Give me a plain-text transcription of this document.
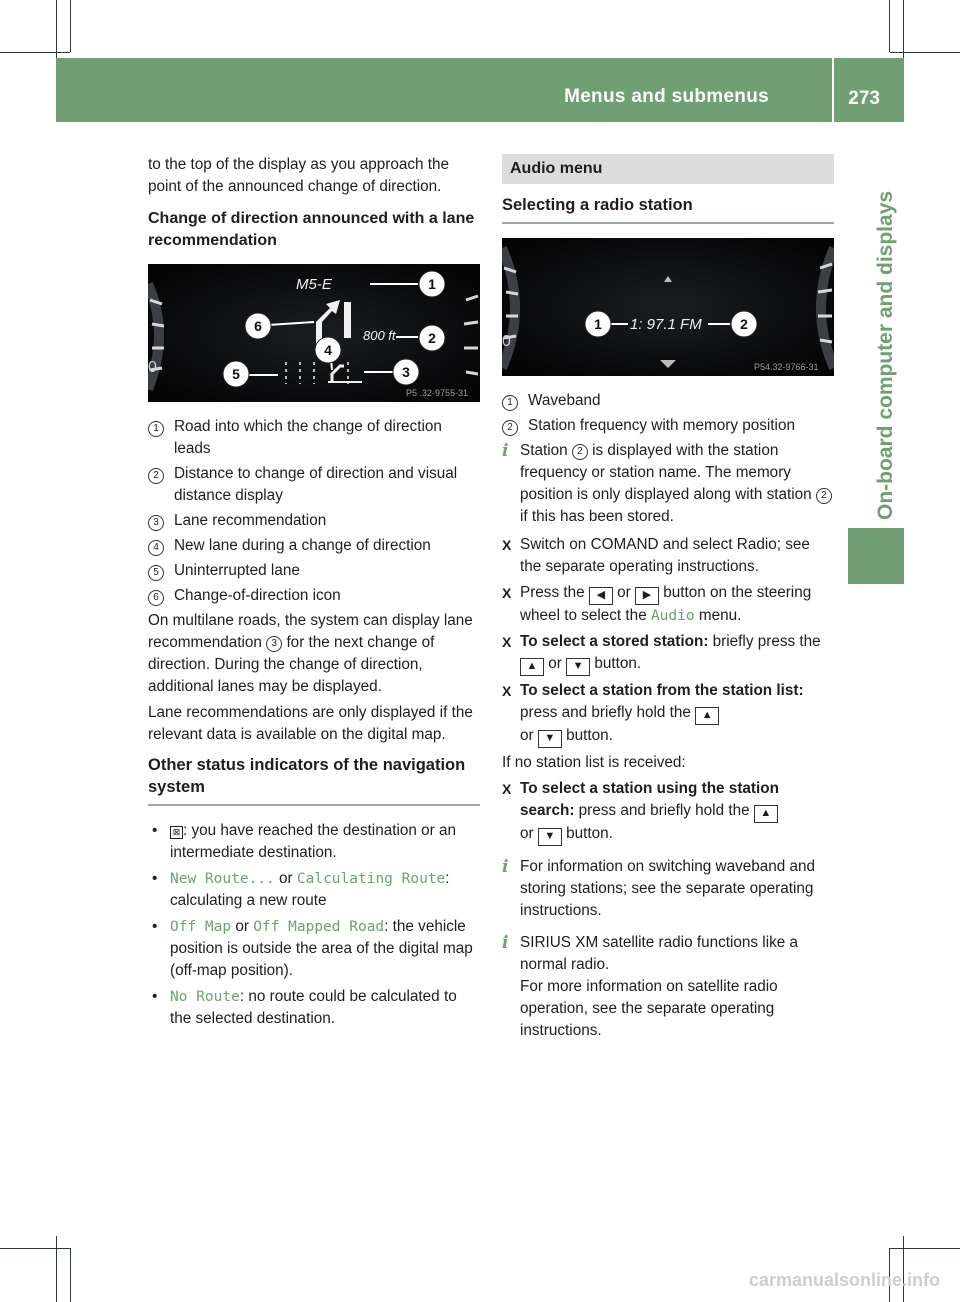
Menus and submenus	273
On-board computer and displays

to the top of the display as you approach the point of the announced change of direction.

Change of direction announced with a lane recommendation
0
M5-E
800 ft
1
2
3
4
5
6
P5 .32-9755-31
1 Road into which the change of direction leads
2 Distance to change of direction and visual distance display
3 Lane recommendation
4 New lane during a change of direction
5 Uninterrupted lane
6 Change-of-direction icon

On multilane roads, the system can display lane recommendation 3 for the next change of direction. During the change of direction, additional lanes may be displayed.

Lane recommendations are only displayed if the relevant data is available on the digital map.

Other status indicators of the navigation system
•	⊠ : you have reached the destination or an intermediate destination.
• New Route... or Calculating Route: calculating a new route
• Off Map or Off Mapped Road: the vehicle position is outside the area of the digital map (off-map position).
• No Route: no route could be calculated to the selected destination.
Audio menu
Selecting a radio station
0
1: 97.1 FM
1	2
P54.32-9766-31
1 Waveband
2 Station frequency with memory position
i Station 2 is displayed with the station frequency or station name. The memory position is only displayed along with station 2 if this has been stored.
X Switch on COMAND and select Radio; see the separate operating instructions.
X Press the ◀ or ▶ button on the steering wheel to select the Audio menu.
X To select a stored station: briefly press the ▲ or ▼ button.
X To select a station from the station list: press and briefly hold the ▲
or ▼ button.

If no station list is received:

X To select a station using the station search: press and briefly hold the ▲
or ▼ button.
i For information on switching waveband and storing stations; see the separate operating instructions.
i SIRIUS XM satellite radio functions like a normal radio.
For more information on satellite radio operation, see the separate operating instructions.
carmanualsonline.info
